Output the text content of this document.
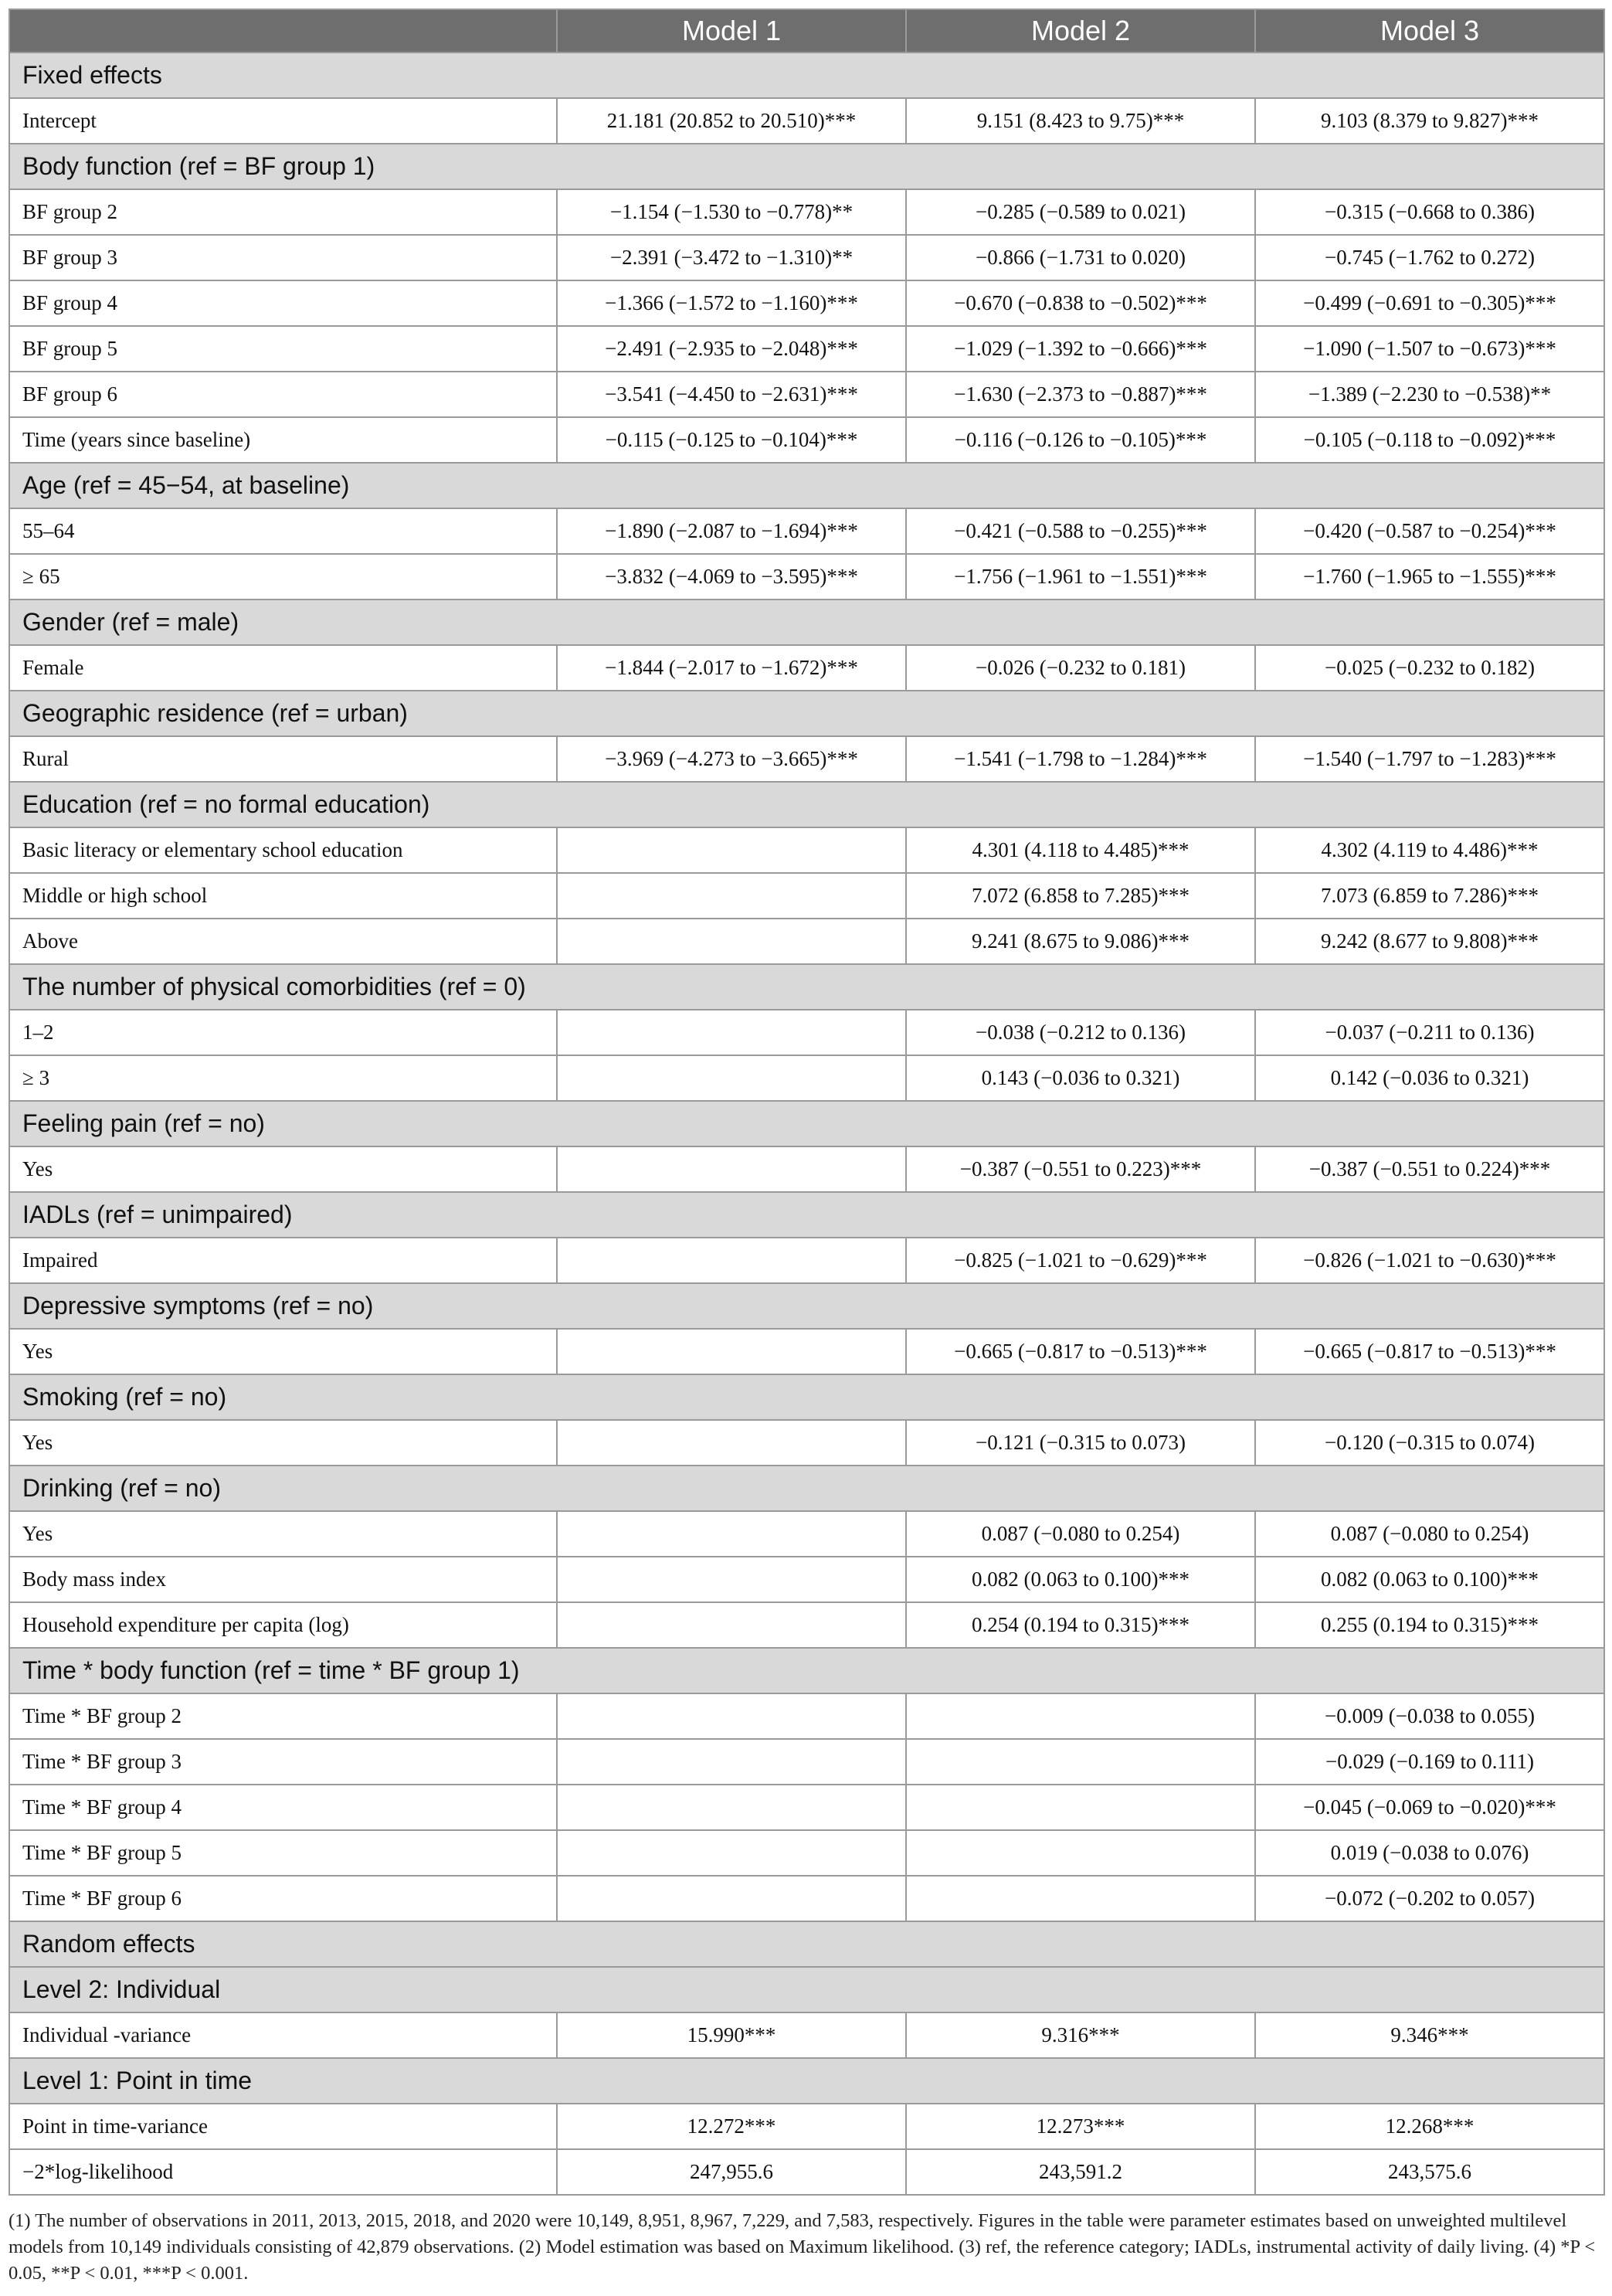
	Model 1	Model 2	Model 3
Fixed effects			
Intercept	21.181 (20.852 to 20.510)***	9.151 (8.423 to 9.75)***	9.103 (8.379 to 9.827)***
Body function (ref = BF group 1)			
BF group 2	−1.154 (−1.530 to −0.778)**	−0.285 (−0.589 to 0.021)	−0.315 (−0.668 to 0.386)
BF group 3	−2.391 (−3.472 to −1.310)**	−0.866 (−1.731 to 0.020)	−0.745 (−1.762 to 0.272)
BF group 4	−1.366 (−1.572 to −1.160)***	−0.670 (−0.838 to −0.502)***	−0.499 (−0.691 to −0.305)***
BF group 5	−2.491 (−2.935 to −2.048)***	−1.029 (−1.392 to −0.666)***	−1.090 (−1.507 to −0.673)***
BF group 6	−3.541 (−4.450 to −2.631)***	−1.630 (−2.373 to −0.887)***	−1.389 (−2.230 to −0.538)**
Time (years since baseline)	−0.115 (−0.125 to −0.104)***	−0.116 (−0.126 to −0.105)***	−0.105 (−0.118 to −0.092)***
Age (ref = 45−54, at baseline)			
55–64	−1.890 (−2.087 to −1.694)***	−0.421 (−0.588 to −0.255)***	−0.420 (−0.587 to −0.254)***
≥ 65	−3.832 (−4.069 to −3.595)***	−1.756 (−1.961 to −1.551)***	−1.760 (−1.965 to −1.555)***
Gender (ref = male)			
Female	−1.844 (−2.017 to −1.672)***	−0.026 (−0.232 to 0.181)	−0.025 (−0.232 to 0.182)
Geographic residence (ref = urban)			
Rural	−3.969 (−4.273 to −3.665)***	−1.541 (−1.798 to −1.284)***	−1.540 (−1.797 to −1.283)***
Education (ref = no formal education)			
Basic literacy or elementary school education		4.301 (4.118 to 4.485)***	4.302 (4.119 to 4.486)***
Middle or high school		7.072 (6.858 to 7.285)***	7.073 (6.859 to 7.286)***
Above		9.241 (8.675 to 9.086)***	9.242 (8.677 to 9.808)***
The number of physical comorbidities (ref = 0)			
1–2		−0.038 (−0.212 to 0.136)	−0.037 (−0.211 to 0.136)
≥ 3		0.143 (−0.036 to 0.321)	0.142 (−0.036 to 0.321)
Feeling pain (ref = no)			
Yes		−0.387 (−0.551 to 0.223)***	−0.387 (−0.551 to 0.224)***
IADLs (ref = unimpaired)			
Impaired		−0.825 (−1.021 to −0.629)***	−0.826 (−1.021 to −0.630)***
Depressive symptoms (ref = no)			
Yes		−0.665 (−0.817 to −0.513)***	−0.665 (−0.817 to −0.513)***
Smoking (ref = no)			
Yes		−0.121 (−0.315 to 0.073)	−0.120 (−0.315 to 0.074)
Drinking (ref = no)			
Yes		0.087 (−0.080 to 0.254)	0.087 (−0.080 to 0.254)
Body mass index		0.082 (0.063 to 0.100)***	0.082 (0.063 to 0.100)***
Household expenditure per capita (log)		0.254 (0.194 to 0.315)***	0.255 (0.194 to 0.315)***
Time * body function (ref = time * BF group 1)			
Time * BF group 2			−0.009 (−0.038 to 0.055)
Time * BF group 3			−0.029 (−0.169 to 0.111)
Time * BF group 4			−0.045 (−0.069 to −0.020)***
Time * BF group 5			0.019 (−0.038 to 0.076)
Time * BF group 6			−0.072 (−0.202 to 0.057)
Random effects			
Level 2: Individual			
Individual -variance	15.990***	9.316***	9.346***
Level 1: Point in time			
Point in time-variance	12.272***	12.273***	12.268***
−2*log-likelihood	247,955.6	243,591.2	243,575.6
(1) The number of observations in 2011, 2013, 2015, 2018, and 2020 were 10,149, 8,951, 8,967, 7,229, and 7,583, respectively. Figures in the table were parameter estimates based on unweighted multilevel models from 10,149 individuals consisting of 42,879 observations. (2) Model estimation was based on Maximum likelihood. (3) ref, the reference category; IADLs, instrumental activity of daily living. (4) *P < 0.05, **P < 0.01, ***P < 0.001.
